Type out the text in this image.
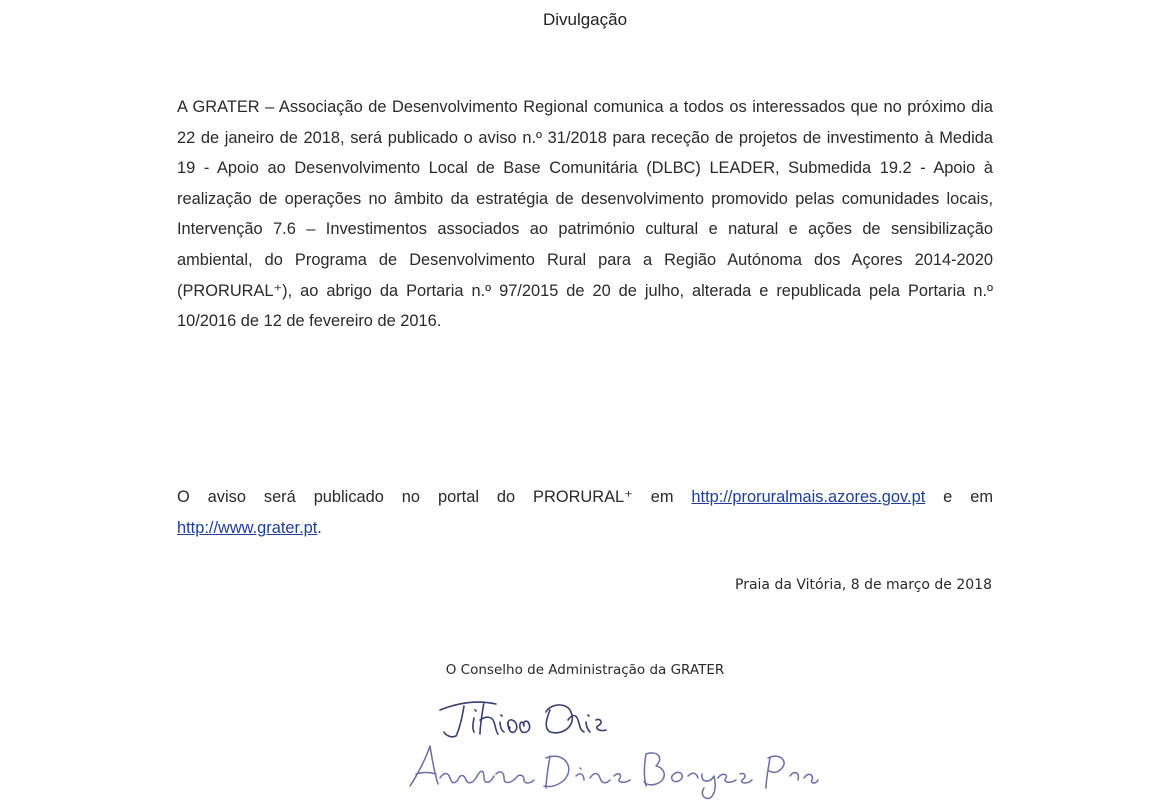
Divulgação

A GRATER – Associação de Desenvolvimento Regional comunica a todos os interessados que no próximo dia 22 de janeiro de 2018, será publicado o aviso n.º 31/2018 para receção de projetos de investimento à Medida 19 - Apoio ao Desenvolvimento Local de Base Comunitária (DLBC) LEADER, Submedida 19.2 - Apoio à realização de operações no âmbito da estratégia de desenvolvimento promovido pelas comunidades locais, Intervenção 7.6 – Investimentos associados ao património cultural e natural e ações de sensibilização ambiental, do Programa de Desenvolvimento Rural para a Região Autónoma dos Açores 2014-2020 (PRORURAL⁺), ao abrigo da Portaria n.º 97/2015 de 20 de julho, alterada e republicada pela Portaria n.º 10/2016 de 12 de fevereiro de 2016.

O aviso será publicado no portal do PRORURAL⁺ em http://proruralmais.azores.gov.pt e em http://www.grater.pt.

Praia da Vitória, 8 de março de 2018
O Conselho de Administração da GRATER
